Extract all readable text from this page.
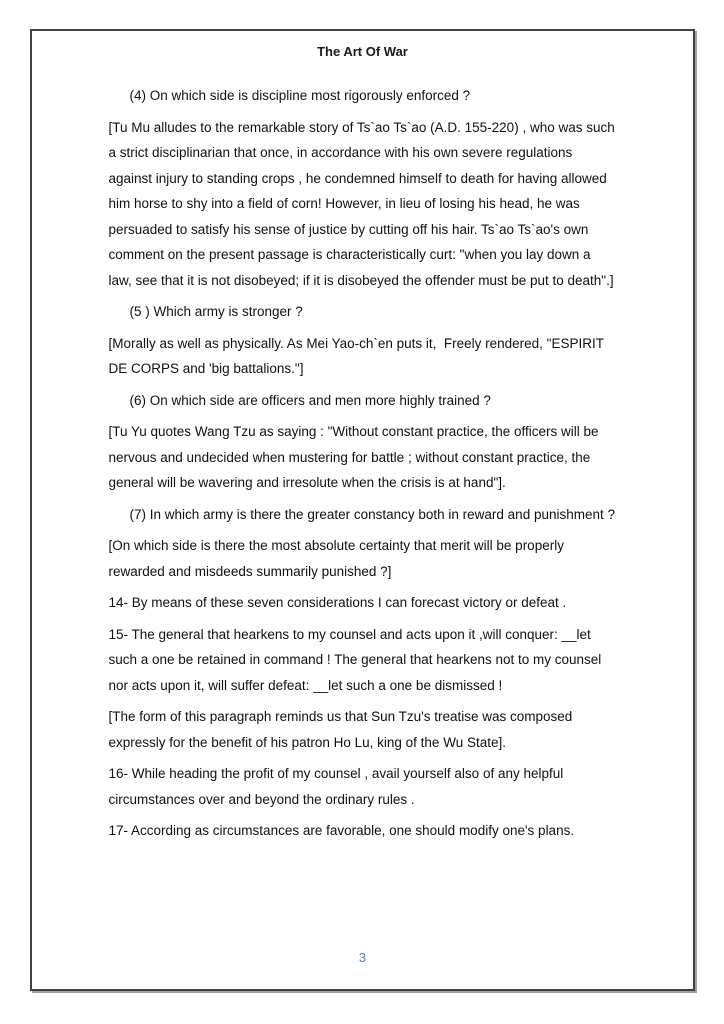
The Art Of War

(4) On which side is discipline most rigorously enforced ?

[Tu Mu alludes to the remarkable story of Ts`ao Ts`ao (A.D. 155-220) , who was such a strict disciplinarian that once, in accordance with his own severe regulations against injury to standing crops , he condemned himself to death for having allowed him horse to shy into a field of corn! However, in lieu of losing his head, he was persuaded to satisfy his sense of justice by cutting off his hair. Ts`ao Ts`ao's own comment on the present passage is characteristically curt: "when you lay down a law, see that it is not disobeyed; if it is disobeyed the offender must be put to death".]

(5 ) Which army is stronger ?

[Morally as well as physically. As Mei Yao-ch`en puts it,  Freely rendered, "ESPIRIT DE CORPS and 'big battalions."]

(6) On which side are officers and men more highly trained ?

[Tu Yu quotes Wang Tzu as saying : "Without constant practice, the officers will be nervous and undecided when mustering for battle ; without constant practice, the general will be wavering and irresolute when the crisis is at hand"].

(7) In which army is there the greater constancy both in reward and punishment ?

[On which side is there the most absolute certainty that merit will be properly rewarded and misdeeds summarily punished ?]

14- By means of these seven considerations I can forecast victory or defeat .

15- The general that hearkens to my counsel and acts upon it ,will conquer: __let such a one be retained in command ! The general that hearkens not to my counsel nor acts upon it, will suffer defeat: __let such a one be dismissed !

[The form of this paragraph reminds us that Sun Tzu's treatise was composed expressly for the benefit of his patron Ho Lu, king of the Wu State].

16- While heading the profit of my counsel , avail yourself also of any helpful circumstances over and beyond the ordinary rules .

17- According as circumstances are favorable, one should modify one's plans.

3
